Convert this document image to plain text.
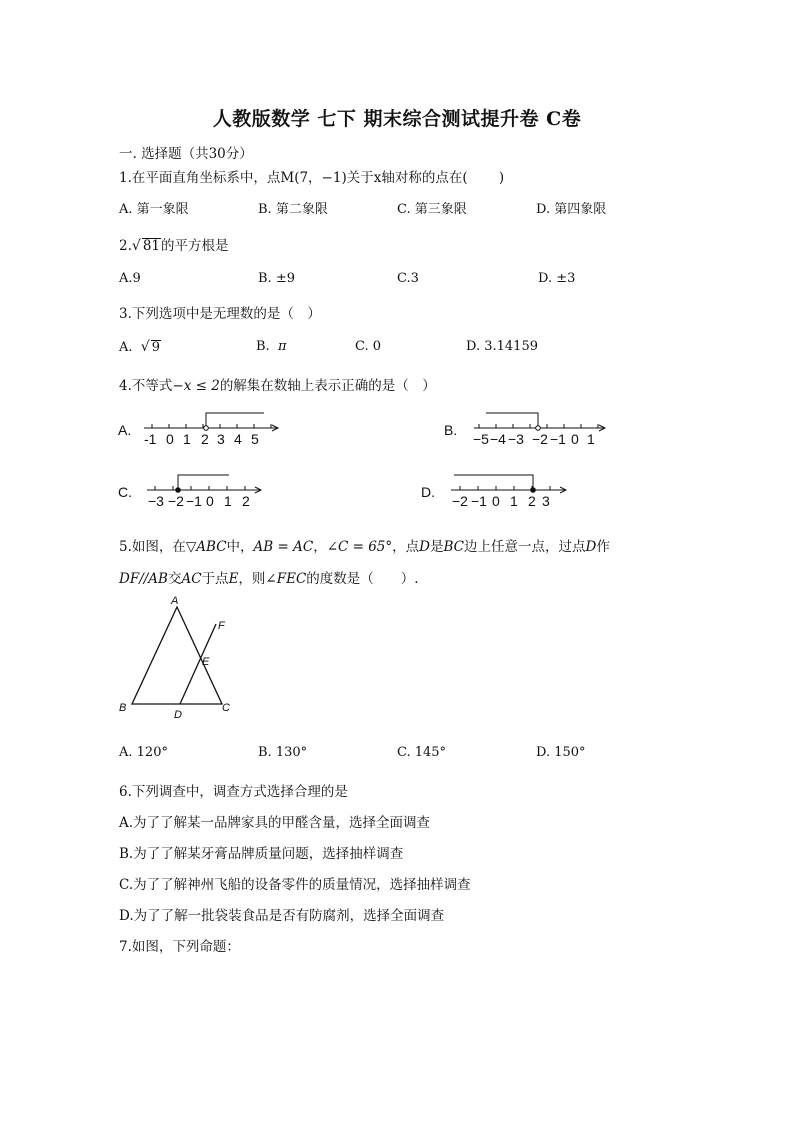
人教版数学 七下 期末综合测试提升卷 C卷
一. 选择题（共30分）
1.在平面直角坐标系中，点M(7，−1)关于x轴对称的点在(　　 )
A. 第一象限	B. 第二象限	C. 第三象限	D. 第四象限
2.√ 81的平方根是
A.9	B. ±9	C.3	D. ±3
3.下列选项中是无理数的是（　）
A. √ 9	B. π	C. 0	D. 3.14159
4.不等式−x ≤ 2的解集在数轴上表示正确的是（　）
A.
-1 0 1 2 3 4 5
B.
−5 −4 −3 −2 −1 0 1
C.
−3 −2 −1 0 1 2
D.
−2 −1 0 1 2 3
5.如图，在▽ABC中，AB = AC，∠C = 65°，点D是BC边上任意一点，过点D作
DF//AB交AC于点E，则∠FEC的度数是（　　）.
A
B	C
D
E
F
A. 120°	B. 130°	C. 145°	D. 150°
6.下列调查中，调查方式选择合理的是
A.为了了解某一品牌家具的甲醛含量，选择全面调查
B.为了了解某牙膏品牌质量问题，选择抽样调查
C.为了了解神州飞船的设备零件的质量情况，选择抽样调查
D.为了了解一批袋装食品是否有防腐剂，选择全面调查
7.如图，下列命题：
